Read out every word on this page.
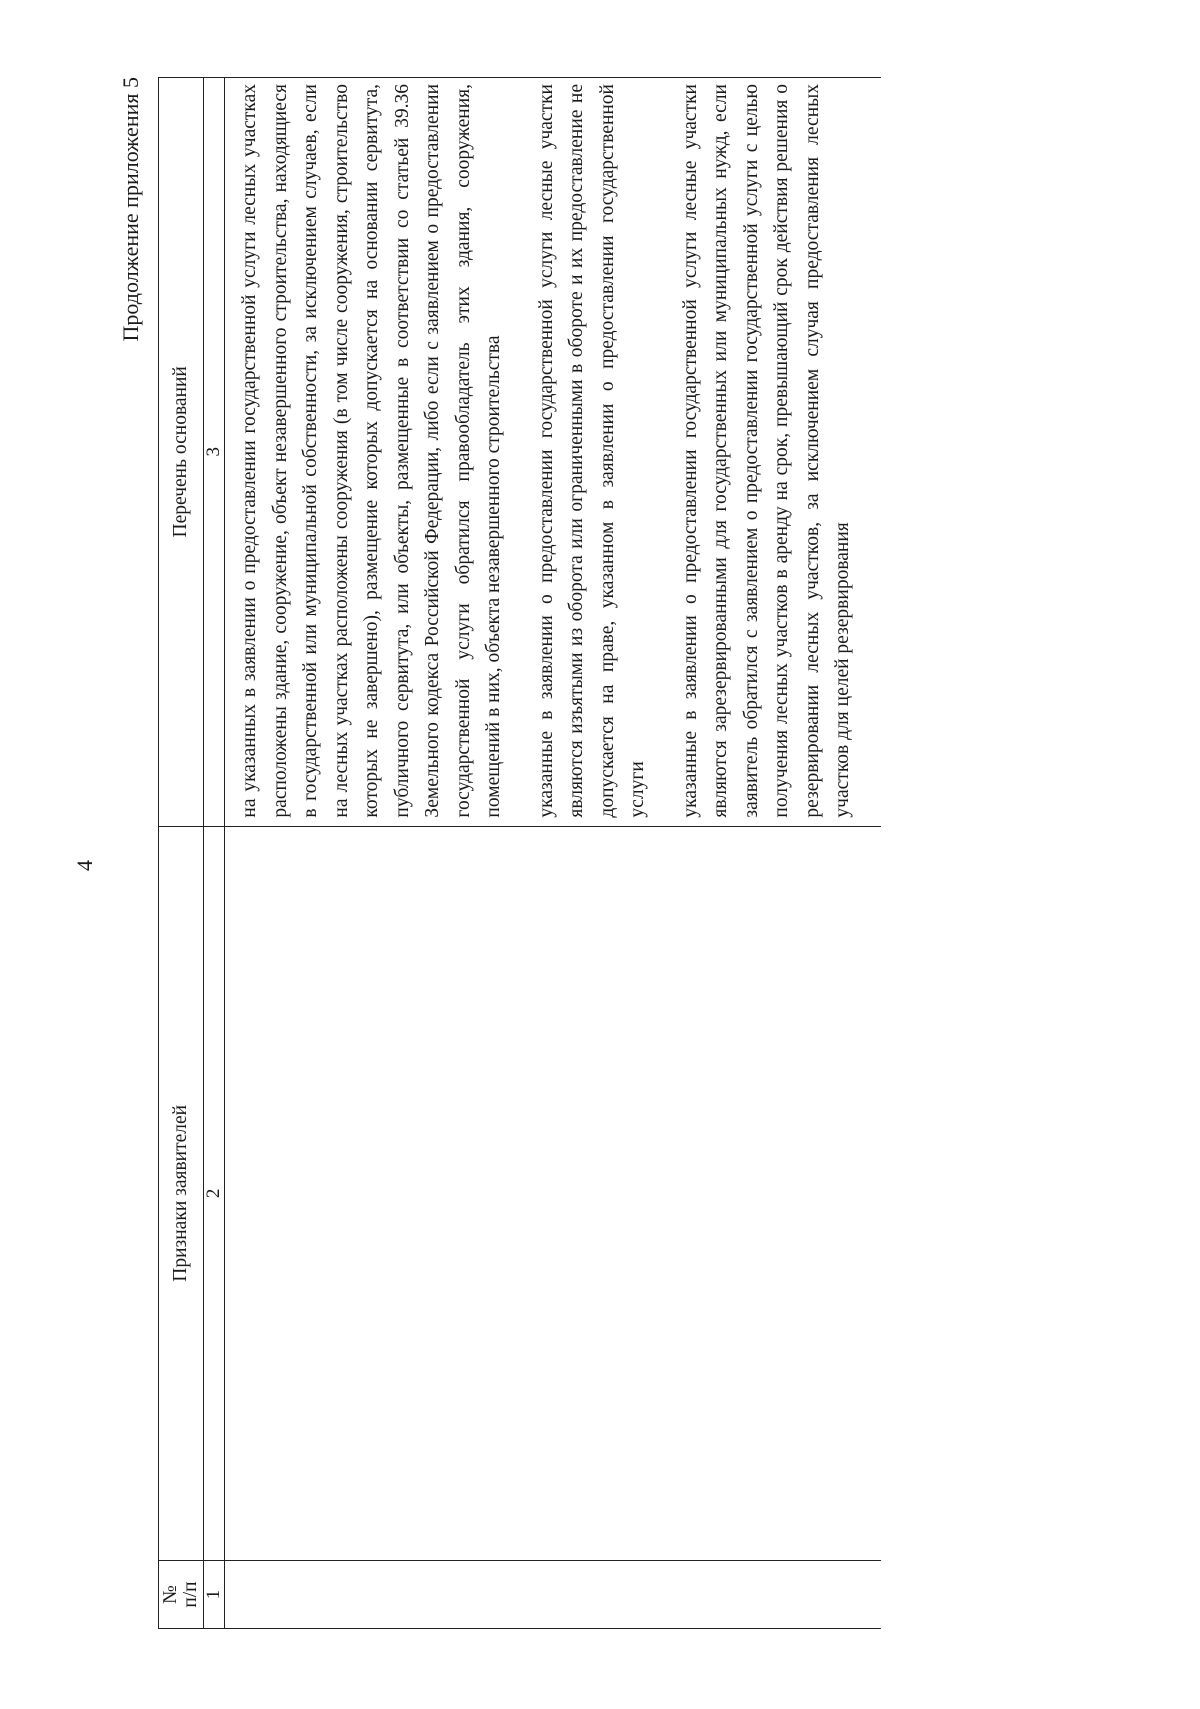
4
Продолжение приложения 5
№ п/п	Признаки заявителей	Перечень оснований
1	2	3

		на указанных в заявлении о предоставлении государственной услуги лесных участках расположены здание, сооружение, объект незавершенного строительства, находящиеся в государственной или муниципальной собственности, за исключением случаев, если на лесных участках расположены сооружения (в том числе сооружения, строительство которых не завершено), размещение которых допускается на основании сервитута, публичного сервитута, или объекты, размещенные в соответствии со статьей 39.36 Земельного кодекса Российской Федерации, либо если с заявлением о предоставлении государственной услуги обратился правообладатель этих здания, сооружения, помещений в них, объекта незавершенного строительства указанные в заявлении о предоставлении государственной услуги лесные участки являются изъятыми из оборота или ограниченными в обороте и их предоставление не допускается на праве, указанном в заявлении о предоставлении государственной услуги указанные в заявлении о предоставлении государственной услуги лесные участки являются зарезервированными для государственных или муниципальных нужд, если заявитель обратился с заявлением о предоставлении государственной услуги с целью получения лесных участков в аренду на срок, превышающий срок действия решения о резервировании лесных участков, за исключением случая предоставления лесных участков для целей резервирования
